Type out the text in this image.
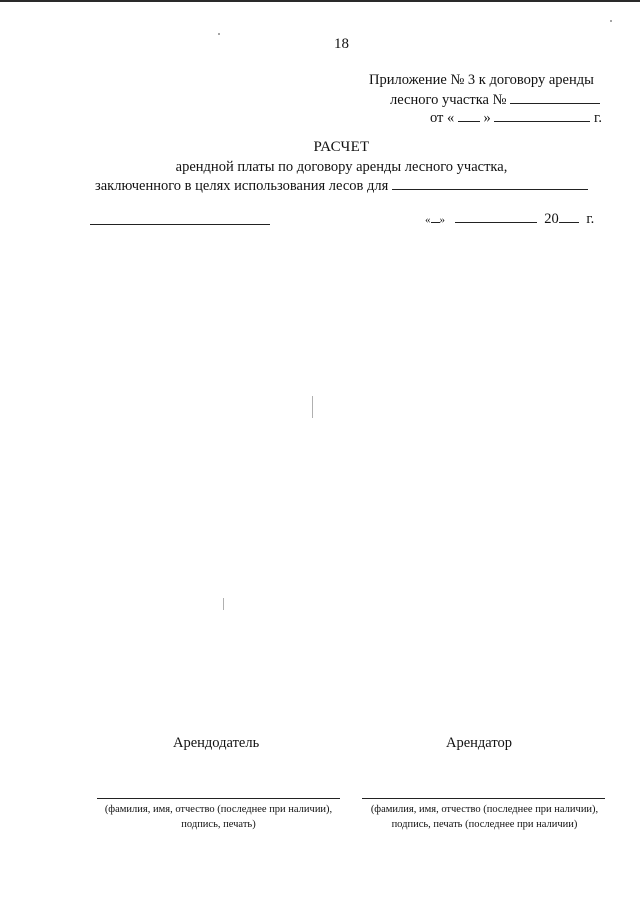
18
Приложение № 3 к договору аренды
лесного участка №
от « »	г.
РАСЧЕТ
арендной платы по договору аренды лесного участка,
заключенного в целях использования лесов для
« »	20 г.
Арендодатель	Арендатор
(фамилия, имя, отчество (последнее при наличии),
подпись, печать)
(фамилия, имя, отчество (последнее при наличии),
подпись, печать (последнее при наличии)
